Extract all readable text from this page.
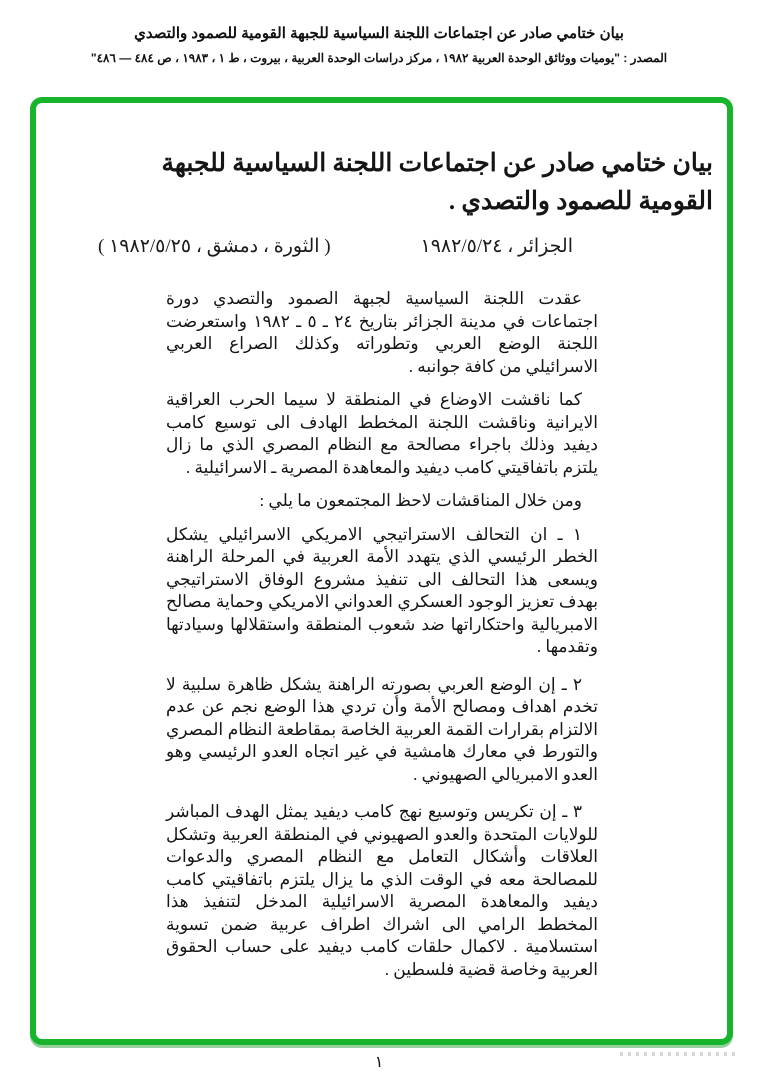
بيان ختامي صادر عن اجتماعات اللجنة السياسية للجبهة القومية للصمود والتصدي
المصدر : "يوميات ووثائق الوحدة العربية ١٩٨٢ ، مركز دراسات الوحدة العربية ، بيروت ، ط ١ ، ١٩٨٣ ، ص ٤٨٤ — ٤٨٦"
بيان ختامي صادر عن اجتماعات اللجنة السياسية للجبهة القومية للصمود والتصدي .
الجزائر ، ١٩٨٢/٥/٢٤
( الثورة ، دمشق ، ١٩٨٢/٥/٢٥ )

عقدت اللجنة السياسية لجبهة الصمود والتصدي دورة اجتماعات في مدينة الجزائر بتاريخ ٢٤ ـ ٥ ـ ١٩٨٢ واستعرضت اللجنة الوضع العربي وتطوراته وكذلك الصراع العربي الاسرائيلي من كافة جوانبه .

كما ناقشت الاوضاع في المنطقة لا سيما الحرب العراقية الايرانية وناقشت اللجنة المخطط الهادف الى توسيع كامب ديفيد وذلك باجراء مصالحة مع النظام المصري الذي ما زال يلتزم باتفاقيتي كامب ديفيد والمعاهدة المصرية ـ الاسرائيلية .

ومن خلال المناقشات لاحظ المجتمعون ما يلي :

١ ـ ان التحالف الاستراتيجي الامريكي الاسرائيلي يشكل الخطر الرئيسي الذي يتهدد الأمة العربية في المرحلة الراهنة ويسعى هذا التحالف الى تنفيذ مشروع الوفاق الاستراتيجي بهدف تعزيز الوجود العسكري العدواني الامريكي وحماية مصالح الامبريالية واحتكاراتها ضد شعوب المنطقة واستقلالها وسيادتها وتقدمها .

٢ ـ إن الوضع العربي بصورته الراهنة يشكل ظاهرة سلبية لا تخدم اهداف ومصالح الأمة وأن تردي هذا الوضع نجم عن عدم الالتزام بقرارات القمة العربية الخاصة بمقاطعة النظام المصري والتورط في معارك هامشية في غير اتجاه العدو الرئيسي وهو العدو الامبريالي الصهيوني .

٣ ـ إن تكريس وتوسيع نهج كامب ديفيد يمثل الهدف المباشر للولايات المتحدة والعدو الصهيوني في المنطقة العربية وتشكل العلاقات وأشكال التعامل مع النظام المصري والدعوات للمصالحة معه في الوقت الذي ما يزال يلتزم باتفاقيتي كامب ديفيد والمعاهدة المصرية الاسرائيلية المدخل لتنفيذ هذا المخطط الرامي الى اشراك اطراف عربية ضمن تسوية استسلامية . لاكمال حلقات كامب ديفيد على حساب الحقوق العربية وخاصة قضية فلسطين .

١
